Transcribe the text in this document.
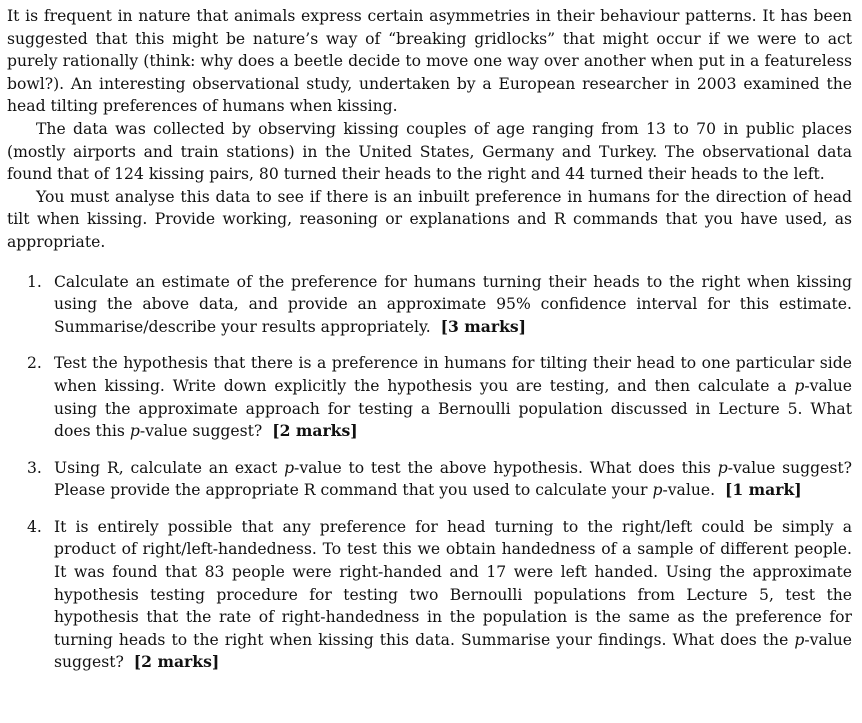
It is frequent in nature that animals express certain asymmetries in their behaviour patterns. It has been suggested that this might be nature’s way of “breaking gridlocks” that might occur if we were to act purely rationally (think: why does a beetle decide to move one way over another when put in a featureless bowl?). An interesting observational study, undertaken by a European researcher in 2003 examined the head tilting preferences of humans when kissing.

The data was collected by observing kissing couples of age ranging from 13 to 70 in public places (mostly airports and train stations) in the United States, Germany and Turkey. The observational data found that of 124 kissing pairs, 80 turned their heads to the right and 44 turned their heads to the left.

You must analyse this data to see if there is an inbuilt preference in humans for the direction of head tilt when kissing. Provide working, reasoning or explanations and R commands that you have used, as appropriate.

1. Calculate an estimate of the preference for humans turning their heads to the right when kissing using the above data, and provide an approximate 95% confidence interval for this estimate. Summarise/describe your results appropriately. [3 marks]
2. Test the hypothesis that there is a preference in humans for tilting their head to one particular side when kissing. Write down explicitly the hypothesis you are testing, and then calculate a p-value using the approximate approach for testing a Bernoulli population discussed in Lecture 5. What does this p-value suggest? [2 marks]
3. Using R, calculate an exact p-value to test the above hypothesis. What does this p-value suggest? Please provide the appropriate R command that you used to calculate your p-value. [1 mark]
4. It is entirely possible that any preference for head turning to the right/left could be simply a product of right/left-handedness. To test this we obtain handedness of a sample of different people. It was found that 83 people were right-handed and 17 were left handed. Using the approximate hypothesis testing procedure for testing two Bernoulli populations from Lecture 5, test the hypothesis that the rate of right-handedness in the population is the same as the preference for turning heads to the right when kissing this data. Summarise your findings. What does the p-value suggest? [2 marks]
